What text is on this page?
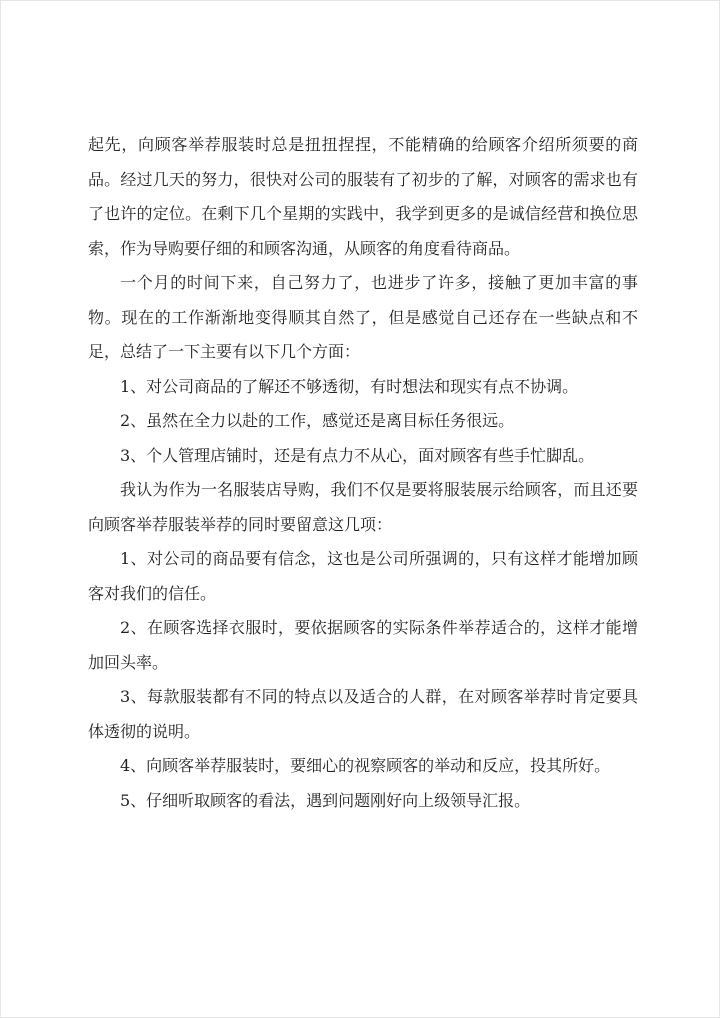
起先，向顾客举荐服装时总是扭扭捏捏，不能精确的给顾客介绍所须要的商品。经过几天的努力，很快对公司的服装有了初步的了解，对顾客的需求也有了也许的定位。在剩下几个星期的实践中，我学到更多的是诚信经营和换位思索，作为导购要仔细的和顾客沟通，从顾客的角度看待商品。

一个月的时间下来，自己努力了，也进步了许多，接触了更加丰富的事物。现在的工作渐渐地变得顺其自然了，但是感觉自己还存在一些缺点和不足，总结了一下主要有以下几个方面：

1、对公司商品的了解还不够透彻，有时想法和现实有点不协调。

2、虽然在全力以赴的工作，感觉还是离目标任务很远。

3、个人管理店铺时，还是有点力不从心，面对顾客有些手忙脚乱。

我认为作为一名服装店导购，我们不仅是要将服装展示给顾客，而且还要向顾客举荐服装举荐的同时要留意这几项：

1、对公司的商品要有信念，这也是公司所强调的，只有这样才能增加顾客对我们的信任。

2、在顾客选择衣服时，要依据顾客的实际条件举荐适合的，这样才能增加回头率。

3、每款服装都有不同的特点以及适合的人群，在对顾客举荐时肯定要具体透彻的说明。

4、向顾客举荐服装时，要细心的视察顾客的举动和反应，投其所好。

5、仔细听取顾客的看法，遇到问题刚好向上级领导汇报。
